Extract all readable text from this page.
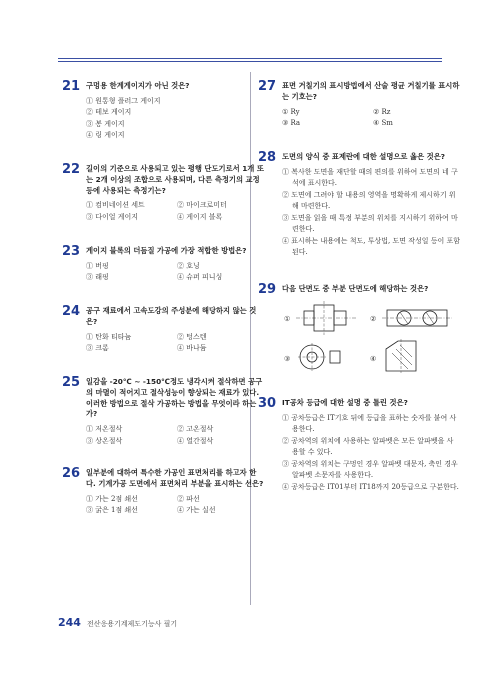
21 구멍용 한계게이지가 아닌 것은?
① 원통형 플러그 게이지
② 테보 게이지
③ 봉 게이지
④ 링 게이지
22 길이의 기준으로 사용되고 있는 평행 단도기로서 1개 또는 2개 이상의 조합으로 사용되며, 다른 측정기의 교정 등에 사용되는 측정기는?
① 컴비네이션 세트	② 마이크로미터
③ 다이얼 게이지	④ 게이지 블록
23 게이지 블록의 더듬질 가공에 가장 적합한 방법은?
① 버핑	② 호닝
③ 래핑	④ 슈퍼 피니싱
24 공구 재료에서 고속도강의 주성분에 해당하지 않는 것은?
① 탄화 티타늄	② 텅스텐
③ 크롬	④ 바나듐
25 일감을 -20℃ ~ -150℃정도 냉각시켜 절삭하면 공구의 마멸이 적어지고 절삭성능이 향상되는 재료가 있다. 이러한 방법으로 절삭 가공하는 방법을 무엇이라 하는가?
① 저온절삭	② 고온절삭
③ 상온절삭	④ 열간절삭
26 일부분에 대하여 특수한 가공인 표면처리를 하고자 한다. 기계가공 도면에서 표면처리 부분을 표시하는 선은?
① 가는 2점 쇄선	② 파선
③ 굵은 1점 쇄선	④ 가는 실선
27 표면 거칠기의 표시방법에서 산술 평균 거칠기를 표시하는 기호는?
① Ry	② Rz
③ Ra	④ Sm
28 도면의 양식 중 표제란에 대한 설명으로 옳은 것은?
① 복사한 도면을 재단할 때의 편의를 위하여 도면의 네 구석에 표시한다.
② 도면에 그려야 할 내용의 영역을 명확하게 제시하기 위해 마련한다.
③ 도면을 읽을 때 특정 부분의 위치를 지시하기 위하여 마련한다.
④ 표시하는 내용에는 척도, 투상법, 도면 작성일 등이 포함된다.
29 다음 단면도 중 부분 단면도에 해당하는 것은?
①	②
③	④
30 IT공차 등급에 대한 설명 중 틀린 것은?
① 공차등급은 IT기호 뒤에 등급을 표하는 숫자를 붙여 사용한다.
② 공차역의 위치에 사용하는 알파벳은 모든 알파벳을 사용할 수 있다.
③ 공차역의 위치는 구멍인 경우 알파벳 대문자, 축인 경우 알파벳 소문자를 사용한다.
④ 공차등급은 IT01부터 IT18까지 20등급으로 구분한다.
244 전산응용기계제도기능사 필기
